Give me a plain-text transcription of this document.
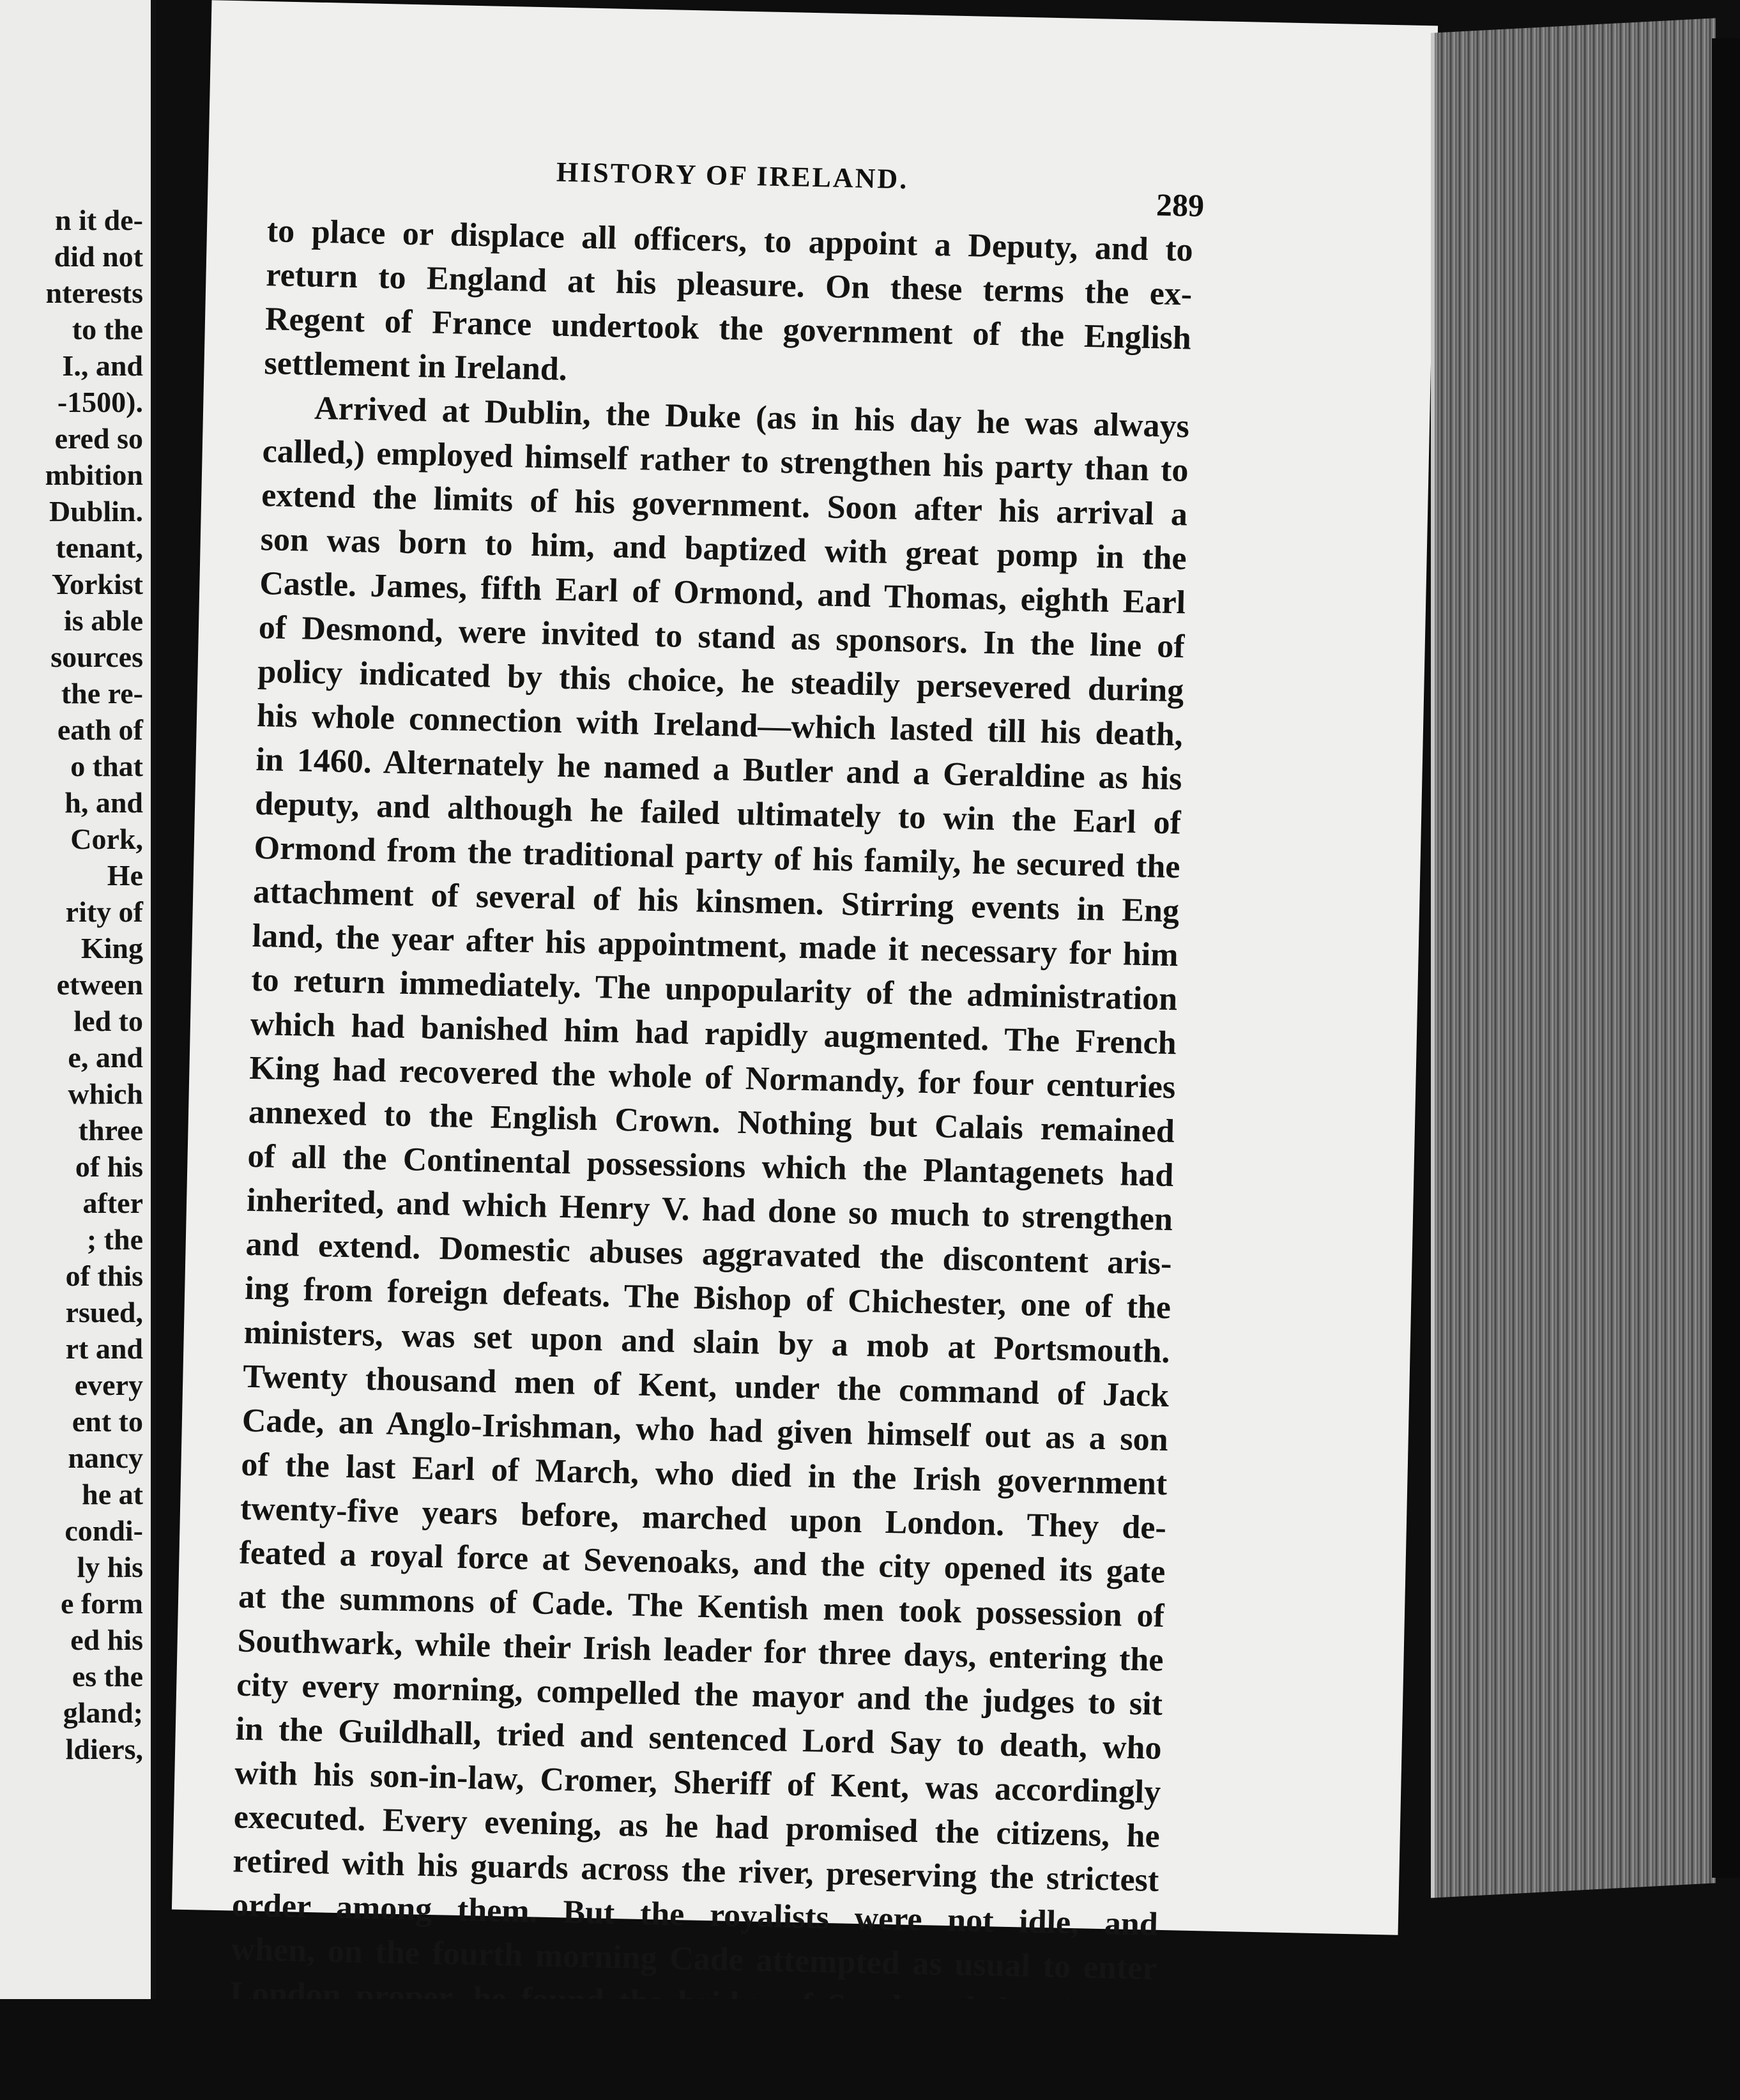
n it de-
did not
nterests
to the
I., and
-1500).
ered so
mbition
Dublin.
tenant,
Yorkist
is able
sources
the re-
eath of
o that
h, and
Cork,
He
rity of
King
etween
led to
e, and
which
three
of his
after
; the
of this
rsued,
rt and
every
ent to
nancy
he at
condi-
ly his
e form
ed his
es the
gland;
ldiers,
HISTORY OF IRELAND.
289
to place or displace all officers, to appoint a Deputy, and to
return to England at his pleasure. On these terms the ex-
Regent of France undertook the government of the English
settlement in Ireland.
Arrived at Dublin, the Duke (as in his day he was always
called,) employed himself rather to strengthen his party than to
extend the limits of his government. Soon after his arrival a
son was born to him, and baptized with great pomp in the
Castle. James, fifth Earl of Ormond, and Thomas, eighth Earl
of Desmond, were invited to stand as sponsors. In the line of
policy indicated by this choice, he steadily persevered during
his whole connection with Ireland—which lasted till his death,
in 1460. Alternately he named a Butler and a Geraldine as his
deputy, and although he failed ultimately to win the Earl of
Ormond from the traditional party of his family, he secured the
attachment of several of his kinsmen. Stirring events in Eng
land, the year after his appointment, made it necessary for him
to return immediately. The unpopularity of the administration
which had banished him had rapidly augmented. The French
King had recovered the whole of Normandy, for four centuries
annexed to the English Crown. Nothing but Calais remained
of all the Continental possessions which the Plantagenets had
inherited, and which Henry V. had done so much to strengthen
and extend. Domestic abuses aggravated the discontent aris-
ing from foreign defeats. The Bishop of Chichester, one of the
ministers, was set upon and slain by a mob at Portsmouth.
Twenty thousand men of Kent, under the command of Jack
Cade, an Anglo-Irishman, who had given himself out as a son
of the last Earl of March, who died in the Irish government
twenty-five years before, marched upon London. They de-
feated a royal force at Sevenoaks, and the city opened its gate
at the summons of Cade. The Kentish men took possession of
Southwark, while their Irish leader for three days, entering the
city every morning, compelled the mayor and the judges to sit
in the Guildhall, tried and sentenced Lord Say to death, who
with his son-in-law, Cromer, Sheriff of Kent, was accordingly
executed. Every evening, as he had promised the citizens, he
retired with his guards across the river, preserving the strictest
order among them. But the royalists were not idle, and
when, on the fourth morning Cade attempted as usual to enter
